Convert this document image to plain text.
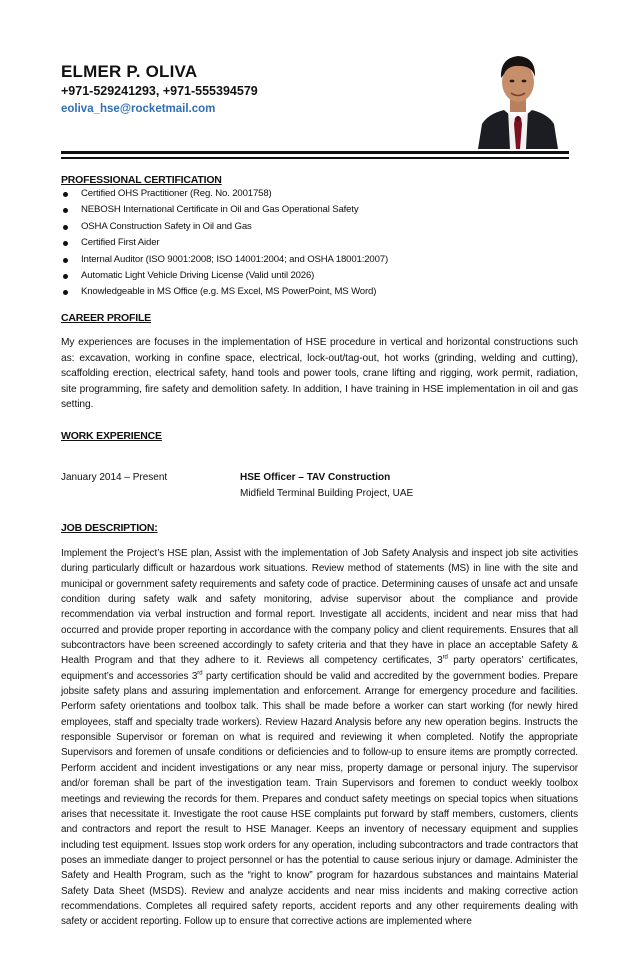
ELMER P. OLIVA
+971-529241293, +971-555394579
eoliva_hse@rocketmail.com
PROFESSIONAL CERTIFICATION
Certified OHS Practitioner (Reg. No. 2001758)
NEBOSH International Certificate in Oil and Gas Operational Safety
OSHA Construction Safety in Oil and Gas
Certified First Aider
Internal Auditor (ISO 9001:2008; ISO 14001:2004; and OSHA 18001:2007)
Automatic Light Vehicle Driving License (Valid until 2026)
Knowledgeable in MS Office (e.g. MS Excel, MS PowerPoint, MS Word)
CAREER PROFILE
My experiences are focuses in the implementation of HSE procedure in vertical and horizontal constructions such as: excavation, working in confine space, electrical, lock-out/tag-out, hot works (grinding, welding and cutting), scaffolding erection, electrical safety, hand tools and power tools, crane lifting and rigging, work permit, radiation, site programming, fire safety and demolition safety. In addition, I have training in HSE implementation in oil and gas setting.
WORK EXPERIENCE
January 2014 – Present	HSE Officer – TAV Construction
Midfield Terminal Building Project, UAE
JOB DESCRIPTION:
Implement the Project’s HSE plan, Assist with the implementation of Job Safety Analysis and inspect job site activities during particularly difficult or hazardous work situations. Review method of statements (MS) in line with the site and municipal or government safety requirements and safety code of practice. Determining causes of unsafe act and unsafe condition during safety walk and safety monitoring, advise supervisor about the compliance and provide recommendation via verbal instruction and formal report. Investigate all accidents, incident and near miss that had occurred and provide proper reporting in accordance with the company policy and client requirements. Ensures that all subcontractors have been screened accordingly to safety criteria and that they have in place an acceptable Safety & Health Program and that they adhere to it. Reviews all competency certificates, 3rd party operators’ certificates, equipment’s and accessories 3rd party certification should be valid and accredited by the government bodies. Prepare jobsite safety plans and assuring implementation and enforcement. Arrange for emergency procedure and facilities. Perform safety orientations and toolbox talk. This shall be made before a worker can start working (for newly hired employees, staff and specialty trade workers). Review Hazard Analysis before any new operation begins. Instructs the responsible Supervisor or foreman on what is required and reviewing it when completed. Notify the appropriate Supervisors and foremen of unsafe conditions or deficiencies and to follow-up to ensure items are promptly corrected. Perform accident and incident investigations or any near miss, property damage or personal injury. The supervisor and/or foreman shall be part of the investigation team. Train Supervisors and foremen to conduct weekly toolbox meetings and reviewing the records for them. Prepares and conduct safety meetings on special topics when situations arises that necessitate it. Investigate the root cause HSE complaints put forward by staff members, customers, clients and contractors and report the result to HSE Manager. Keeps an inventory of necessary equipment and supplies including test equipment. Issues stop work orders for any operation, including subcontractors and trade contractors that poses an immediate danger to project personnel or has the potential to cause serious injury or damage. Administer the Safety and Health Program, such as the “right to know” program for hazardous substances and maintains Material Safety Data Sheet (MSDS). Review and analyze accidents and near miss incidents and making corrective action recommendations. Completes all required safety reports, accident reports and any other requirements dealing with safety or accident reporting. Follow up to ensure that corrective actions are implemented where
